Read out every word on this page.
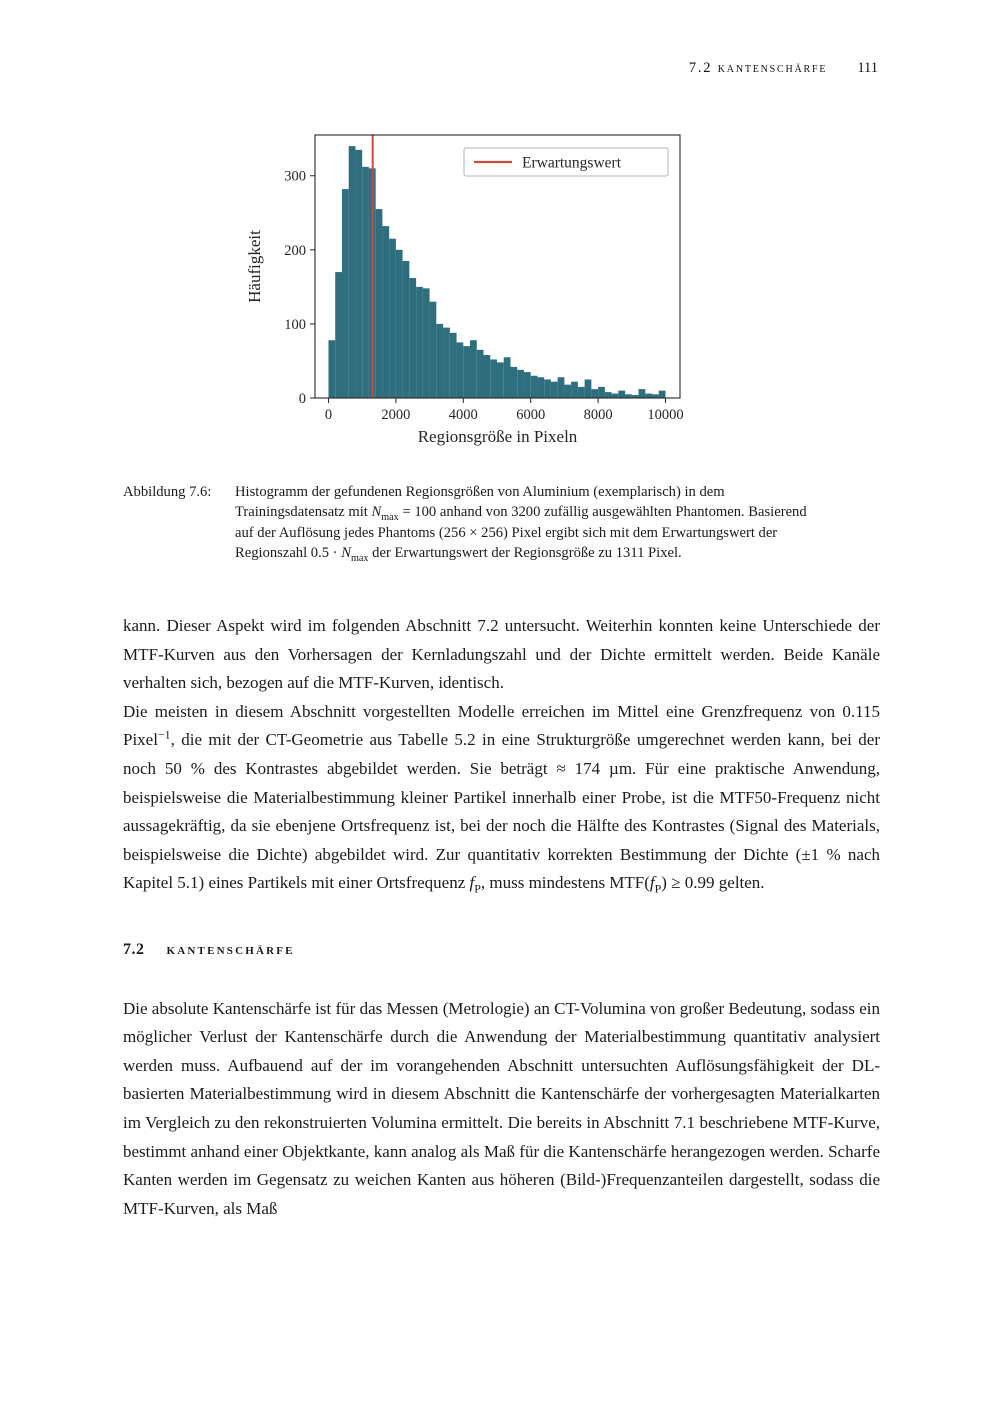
7.2 kantenschärfe 111
0	2000	4000	6000	8000 10000
0
100
200
300
Regionsgröße in Pixeln
Häufigkeit
Erwartungswert
Abbildung 7.6:	Histogramm der gefundenen Regionsgrößen von Aluminium (exemplarisch) in dem Trainingsdatensatz mit $N_{max} = 100$ anhand von 3200 zufällig ausgewählten Phantomen. Basierend auf der Auflösung jedes Phantoms (256 × 256) Pixel ergibt sich mit dem Erwartungswert der Regionszahl $0.5 \cdot N_{max}$ der Erwartungswert der Regionsgröße zu 1311 Pixel.

kann. Dieser Aspekt wird im folgenden Abschnitt 7.2 untersucht. Weiterhin konnten keine Unterschiede der MTF-Kurven aus den Vorhersagen der Kernladungszahl und der Dichte ermittelt werden. Beide Kanäle verhalten sich, bezogen auf die MTF-Kurven, identisch.

Die meisten in diesem Abschnitt vorgestellten Modelle erreichen im Mittel eine Grenzfrequenz von 0.115 Pixel$^{-1}$, die mit der CT-Geometrie aus Tabelle 5.2 in eine Strukturgröße umgerechnet werden kann, bei der noch 50 % des Kontrastes abgebildet werden. Sie beträgt ≈ 174 µm. Für eine praktische Anwendung, beispielsweise die Materialbestimmung kleiner Partikel innerhalb einer Probe, ist die MTF50-Frequenz nicht aussagekräftig, da sie ebenjene Ortsfrequenz ist, bei der noch die Hälfte des Kontrastes (Signal des Materials, beispielsweise die Dichte) abgebildet wird. Zur quantitativ korrekten Bestimmung der Dichte (±1 % nach Kapitel 5.1) eines Partikels mit einer Ortsfrequenz $f_P$, muss mindestens $MTF(f_P) \ge 0.99$ gelten.

7.2 kantenschärfe

Die absolute Kantenschärfe ist für das Messen (Metrologie) an CT-Volumina von großer Bedeutung, sodass ein möglicher Verlust der Kantenschärfe durch die Anwendung der Materialbestimmung quantitativ analysiert werden muss. Aufbauend auf der im vorangehenden Abschnitt untersuchten Auflösungsfähigkeit der DL-basierten Materialbestimmung wird in diesem Abschnitt die Kantenschärfe der vorhergesagten Materialkarten im Vergleich zu den rekonstruierten Volumina ermittelt. Die bereits in Abschnitt 7.1 beschriebene MTF-Kurve, bestimmt anhand einer Objektkante, kann analog als Maß für die Kantenschärfe herangezogen werden. Scharfe Kanten werden im Gegensatz zu weichen Kanten aus höheren (Bild-)Frequenzanteilen dargestellt, sodass die MTF-Kurven, als Maß
